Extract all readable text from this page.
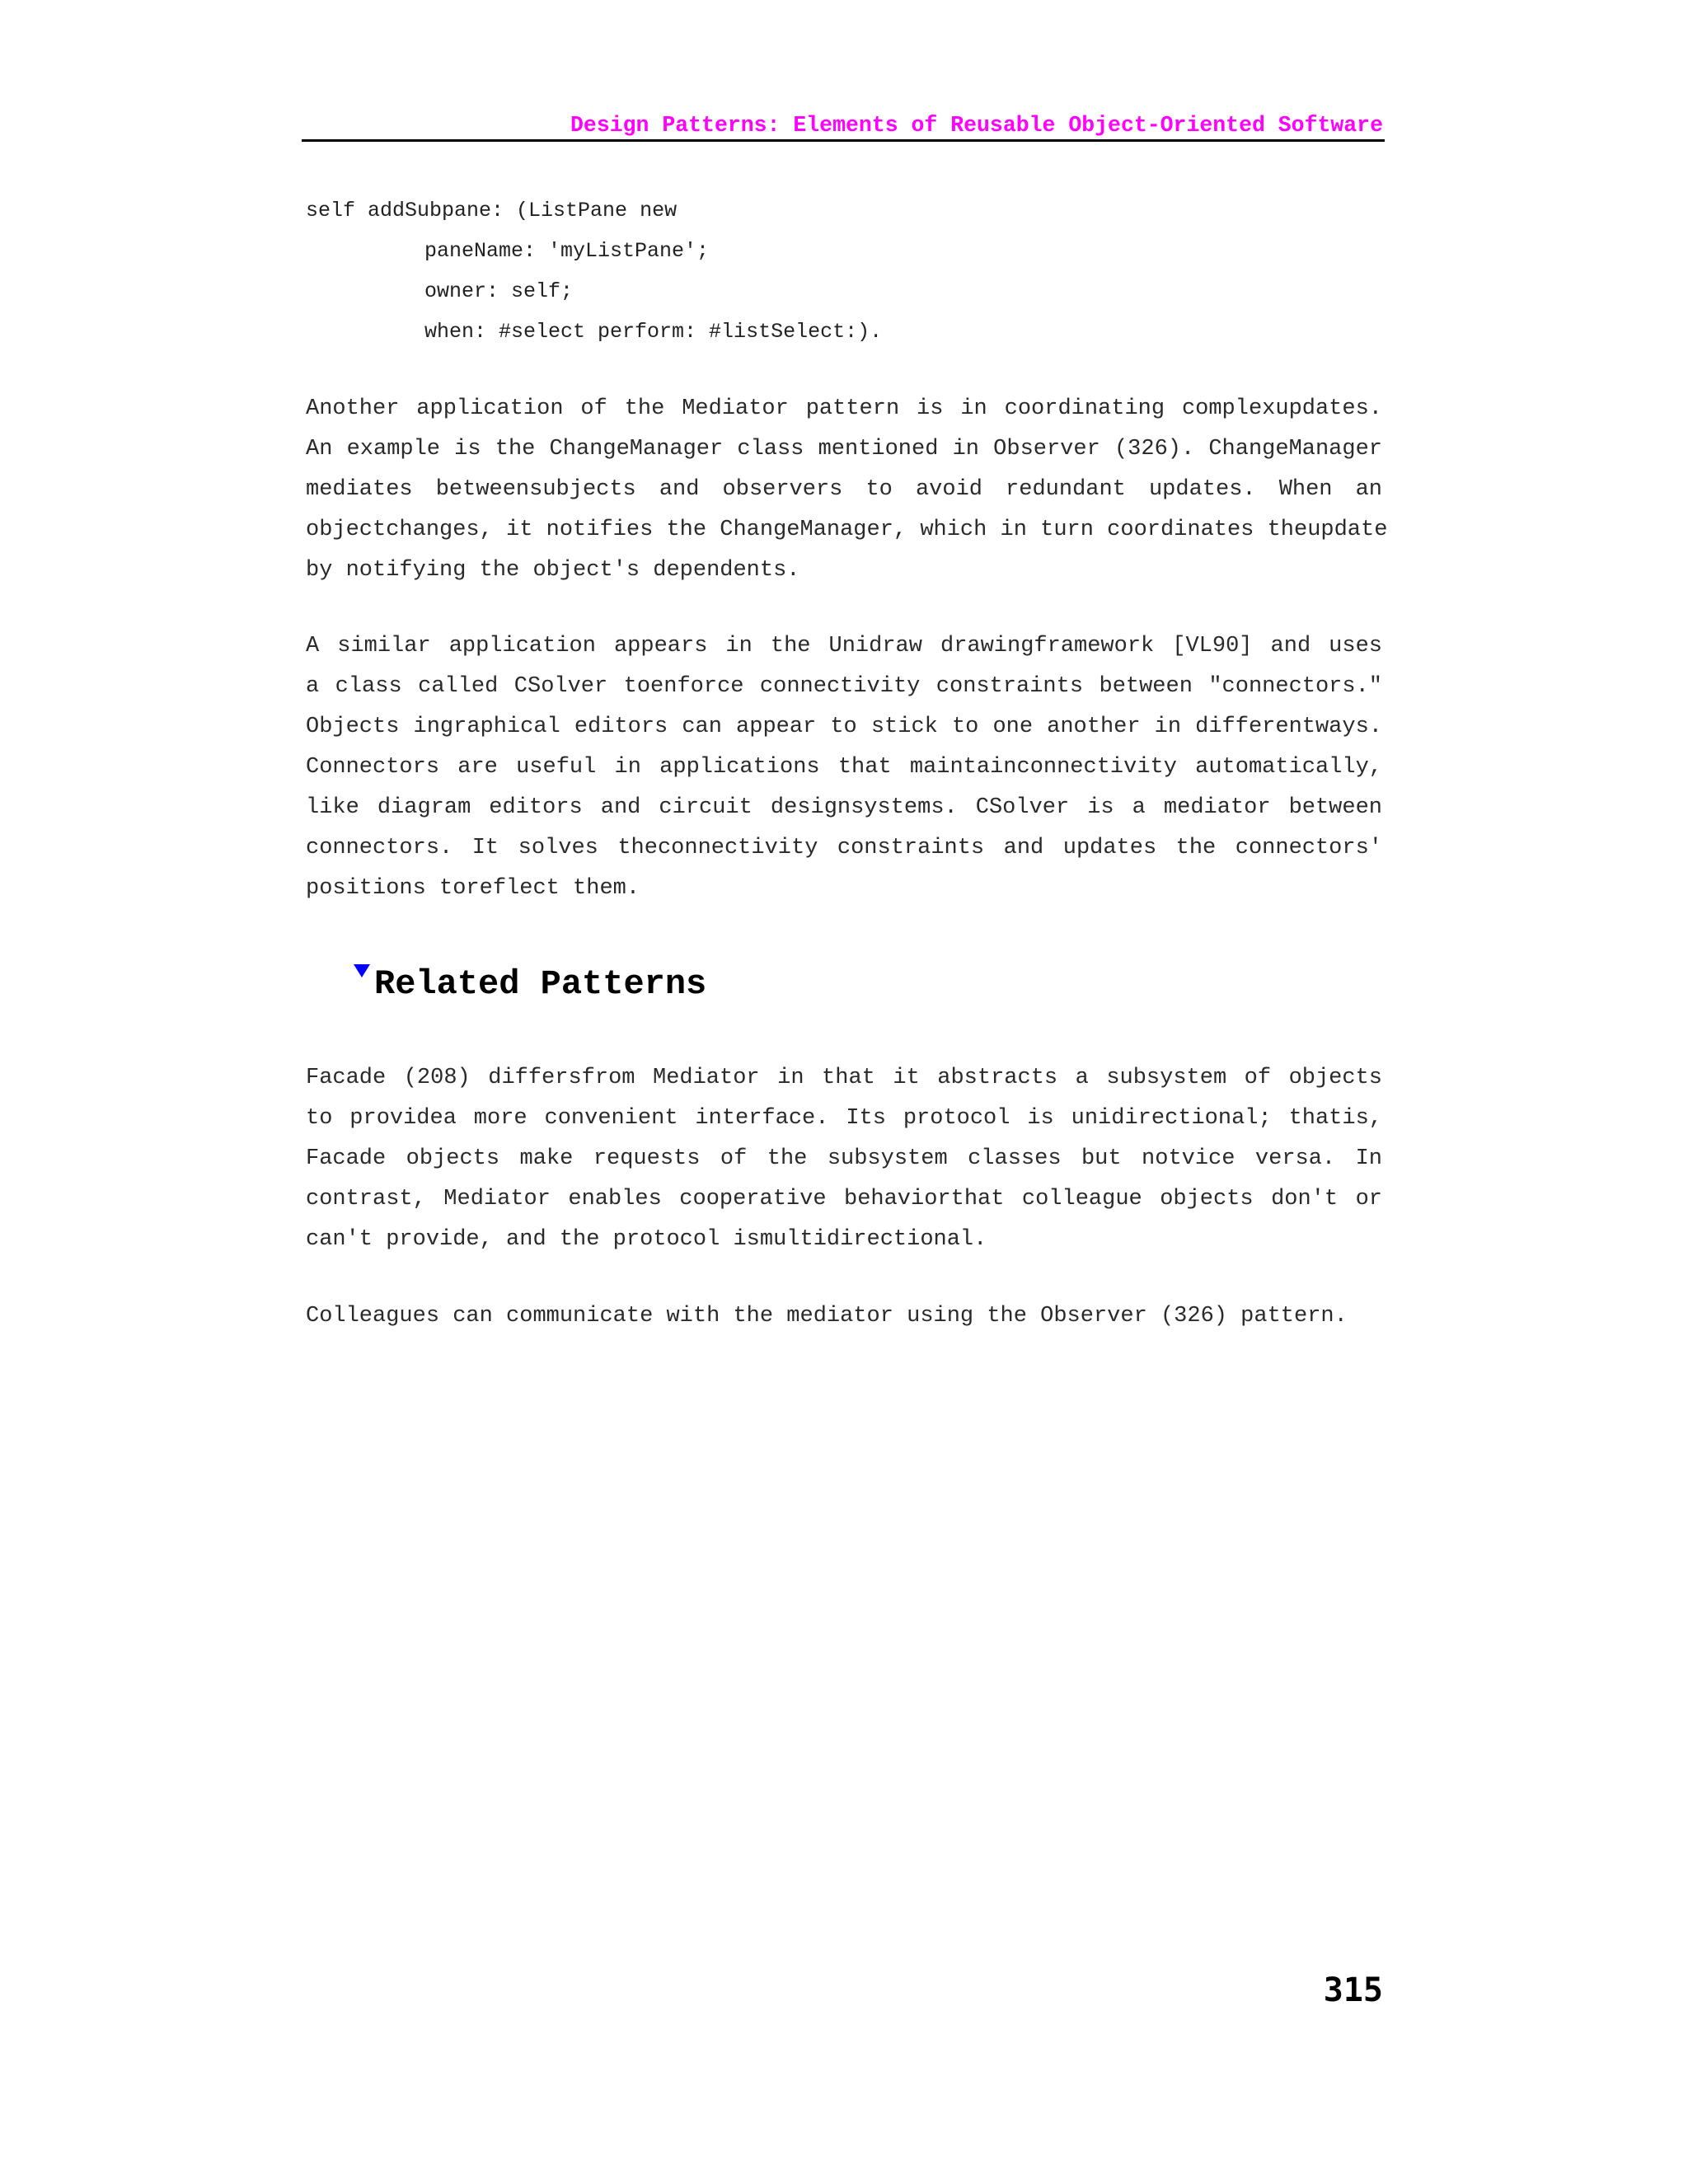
Design Patterns: Elements of Reusable Object-Oriented Software
self addSubpane: (ListPane new
paneName: 'myListPane';
owner: self;
when: #select perform: #listSelect:).
Another application of the Mediator pattern is in coordinating complexupdates.
An example is the ChangeManager class mentioned in Observer (326). ChangeManager
mediates betweensubjects and observers to avoid redundant updates. When an
objectchanges, it notifies the ChangeManager, which in turn coordinates theupdate
by notifying the object's dependents.
A similar application appears in the Unidraw drawingframework [VL90] and uses
a class called CSolver toenforce connectivity constraints between "connectors."
Objects ingraphical editors can appear to stick to one another in differentways.
Connectors are useful in applications that maintainconnectivity automatically,
like diagram editors and circuit designsystems. CSolver is a mediator between
connectors. It solves theconnectivity constraints and updates the connectors'
positions toreflect them.
Related Patterns
Facade (208) differsfrom Mediator in that it abstracts a subsystem of objects
to providea more convenient interface. Its protocol is unidirectional; thatis,
Facade objects make requests of the subsystem classes but notvice versa. In
contrast, Mediator enables cooperative behaviorthat colleague objects don't or
can't provide, and the protocol ismultidirectional.
Colleagues can communicate with the mediator using the Observer (326) pattern.
315
